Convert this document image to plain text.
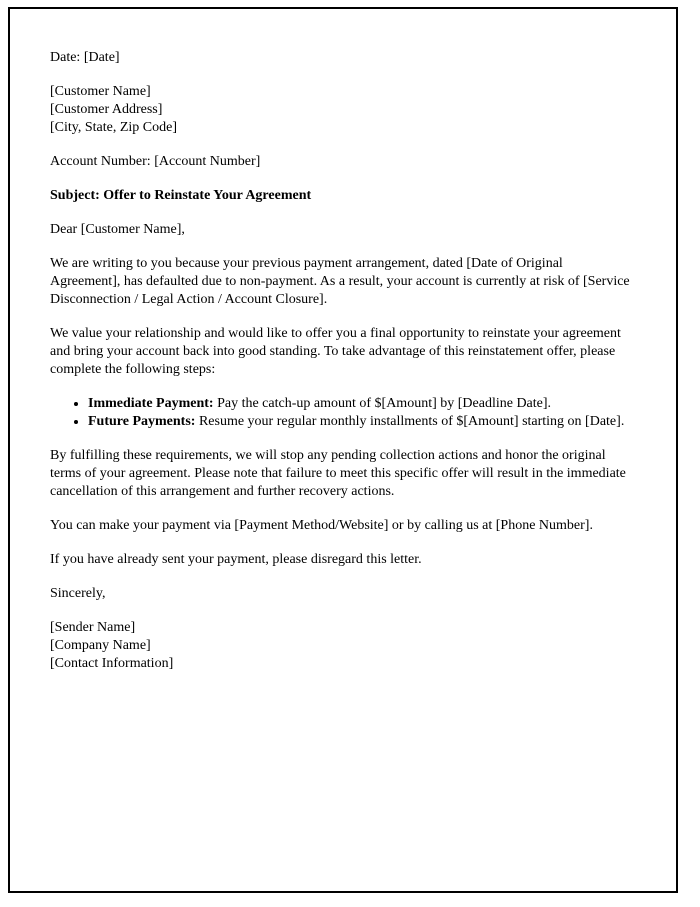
Date: [Date]

[Customer Name]

[Customer Address]

[City, State, Zip Code]

Account Number: [Account Number]

Subject: Offer to Reinstate Your Agreement

Dear [Customer Name],

We are writing to you because your previous payment arrangement, dated [Date of Original Agreement], has defaulted due to non-payment. As a result, your account is currently at risk of [Service Disconnection / Legal Action / Account Closure].

We value your relationship and would like to offer you a final opportunity to reinstate your agreement and bring your account back into good standing. To take advantage of this reinstatement offer, please complete the following steps:

• Immediate Payment: Pay the catch-up amount of $[Amount] by [Deadline Date].
• Future Payments: Resume your regular monthly installments of $[Amount] starting on [Date].

By fulfilling these requirements, we will stop any pending collection actions and honor the original terms of your agreement. Please note that failure to meet this specific offer will result in the immediate cancellation of this arrangement and further recovery actions.

You can make your payment via [Payment Method/Website] or by calling us at [Phone Number].

If you have already sent your payment, please disregard this letter.

Sincerely,

[Sender Name]

[Company Name]

[Contact Information]
